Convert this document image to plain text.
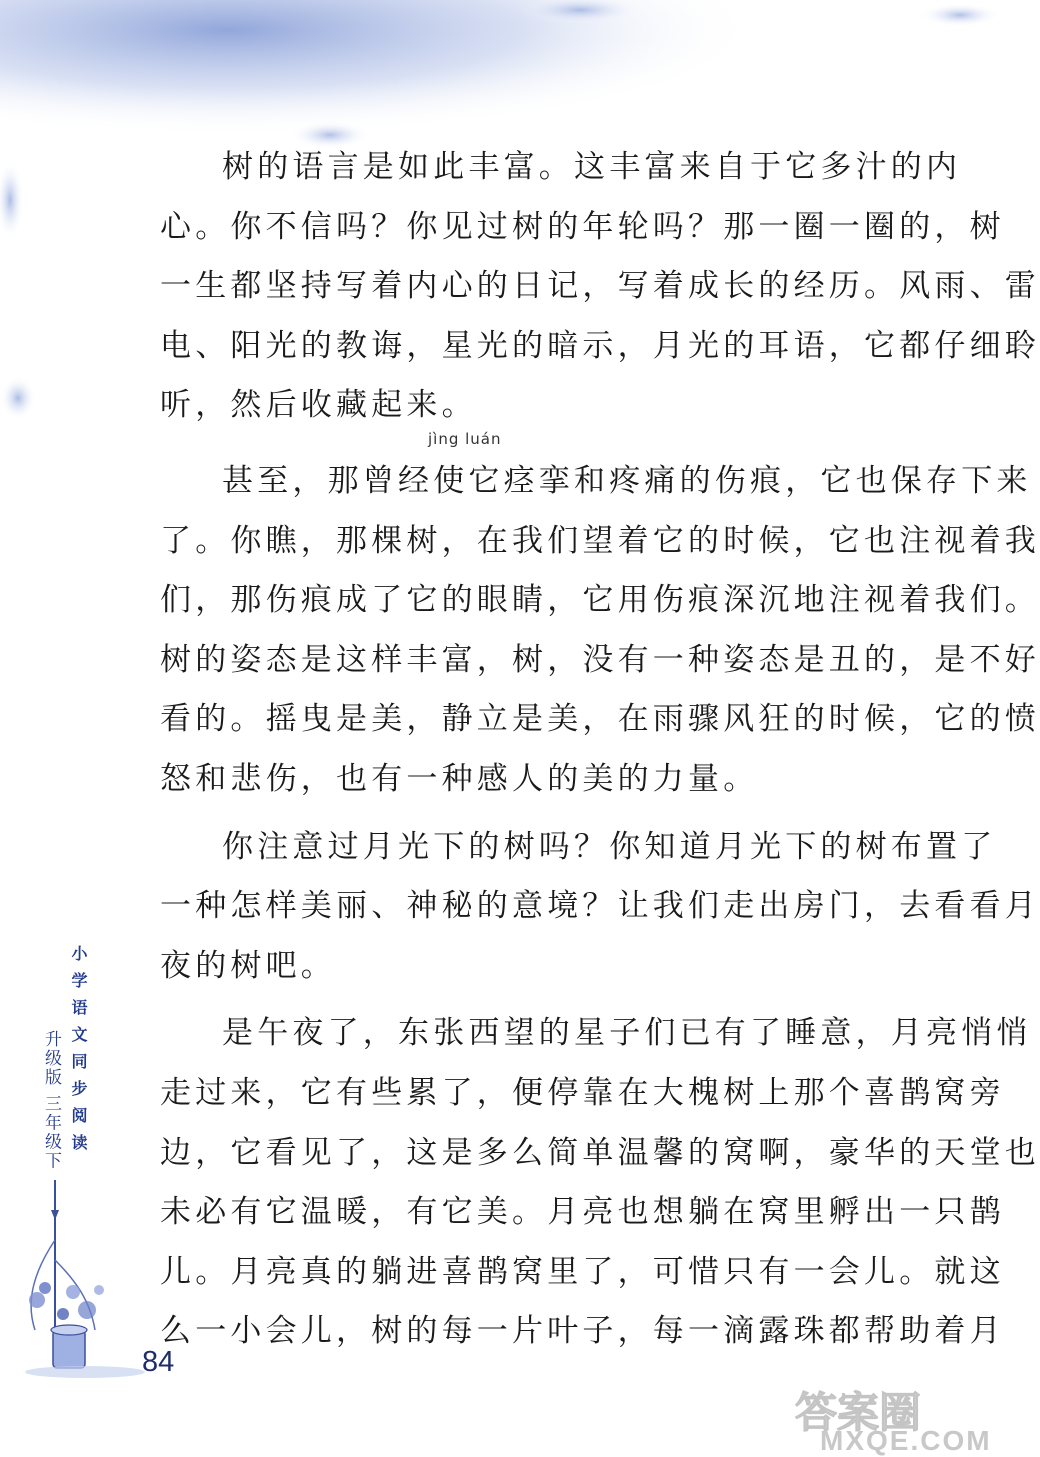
树的语言是如此丰富。这丰富来自于它多汁的内
心。你不信吗？你见过树的年轮吗？那一圈一圈的，树
一生都坚持写着内心的日记，写着成长的经历。风雨、雷
电、阳光的教诲，星光的暗示，月光的耳语，它都仔细聆
听，然后收藏起来。
jìng luán
甚至，那曾经使它痉挛和疼痛的伤痕，它也保存下来
了。你瞧，那棵树，在我们望着它的时候，它也注视着我
们，那伤痕成了它的眼睛，它用伤痕深沉地注视着我们。
树的姿态是这样丰富，树，没有一种姿态是丑的，是不好
看的。摇曳是美，静立是美，在雨骤风狂的时候，它的愤
怒和悲伤，也有一种感人的美的力量。
你注意过月光下的树吗？你知道月光下的树布置了
一种怎样美丽、神秘的意境？让我们走出房门，去看看月
夜的树吧。
是午夜了，东张西望的星子们已有了睡意，月亮悄悄
走过来，它有些累了，便停靠在大槐树上那个喜鹊窝旁
边，它看见了，这是多么简单温馨的窝啊，豪华的天堂也
未必有它温暖，有它美。月亮也想躺在窝里孵出一只鹊
儿。月亮真的躺进喜鹊窝里了，可惜只有一会儿。就这
么一小会儿，树的每一片叶子，每一滴露珠都帮助着月
小学语文同步阅读
升级版 三年级下
84
答案圈
MXQE.COM
